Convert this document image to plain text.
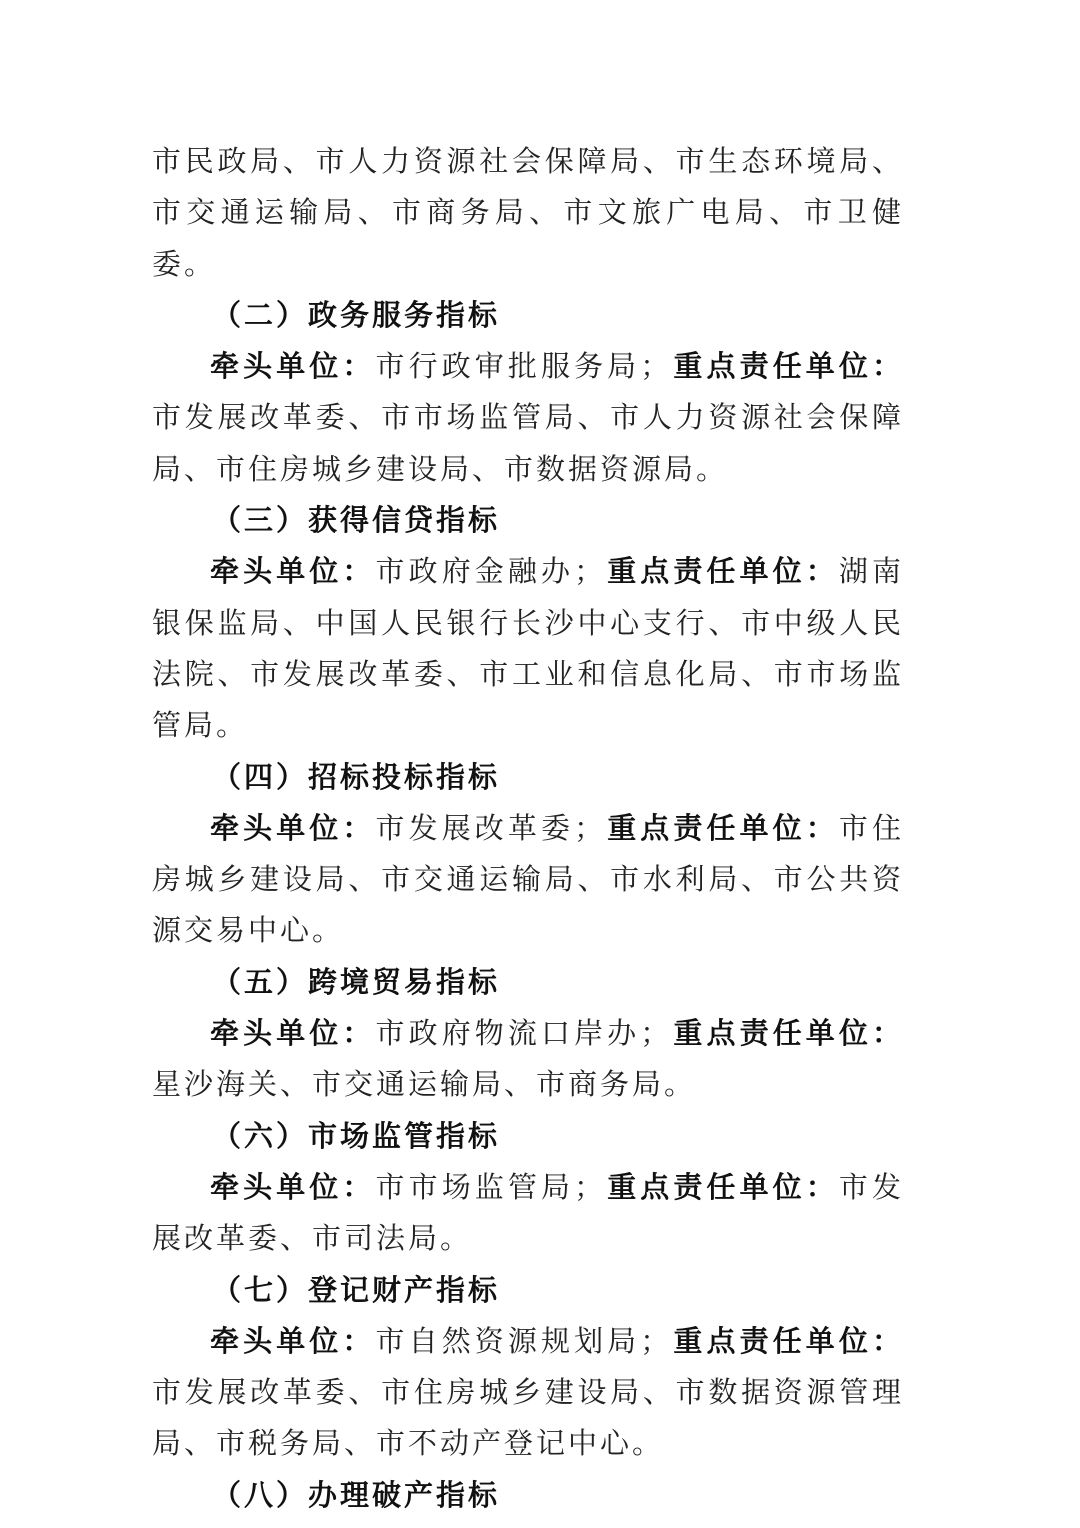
市民政局、市人力资源社会保障局、市生态环境局、市交通运输局、市商务局、市文旅广电局、市卫健委。

（二）政务服务指标

牵头单位：市行政审批服务局；重点责任单位：市发展改革委、市市场监管局、市人力资源社会保障局、市住房城乡建设局、市数据资源局。

（三）获得信贷指标

牵头单位：市政府金融办；重点责任单位：湖南银保监局、中国人民银行长沙中心支行、市中级人民法院、市发展改革委、市工业和信息化局、市市场监管局。

（四）招标投标指标

牵头单位：市发展改革委；重点责任单位：市住房城乡建设局、市交通运输局、市水利局、市公共资源交易中心。

（五）跨境贸易指标

牵头单位：市政府物流口岸办；重点责任单位：星沙海关、市交通运输局、市商务局。

（六）市场监管指标

牵头单位：市市场监管局；重点责任单位：市发展改革委、市司法局。

（七）登记财产指标

牵头单位：市自然资源规划局；重点责任单位：市发展改革委、市住房城乡建设局、市数据资源管理局、市税务局、市不动产登记中心。

（八）办理破产指标
